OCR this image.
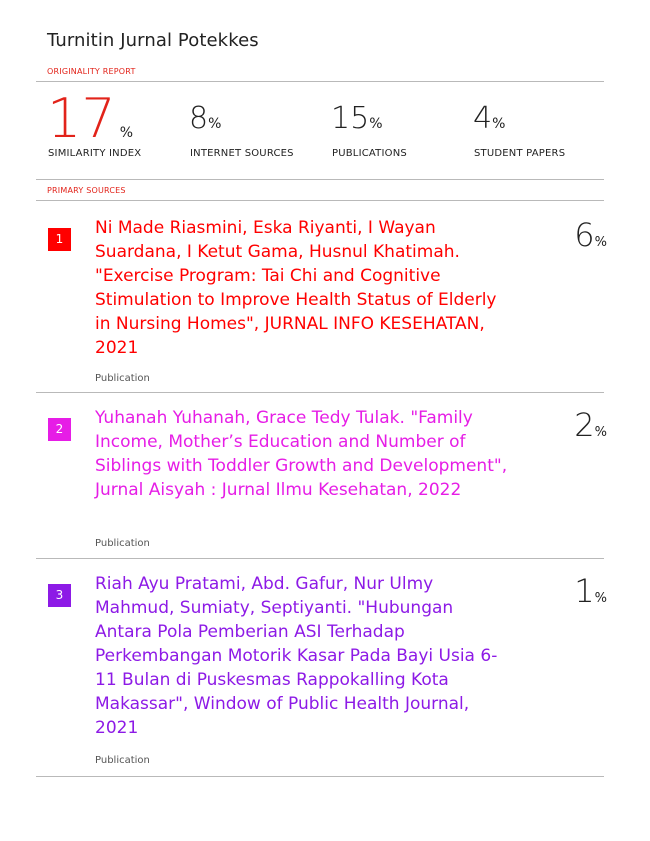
Turnitin Jurnal Potekkes
ORIGINALITY REPORT
17 %
SIMILARITY INDEX
8%
INTERNET SOURCES
15%
PUBLICATIONS
4%
STUDENT PAPERS
PRIMARY SOURCES
1
Ni Made Riasmini, Eska Riyanti, I Wayan Suardana, I Ketut Gama, Husnul Khatimah. "Exercise Program: Tai Chi and Cognitive Stimulation to Improve Health Status of Elderly in Nursing Homes", JURNAL INFO KESEHATAN, 2021
Publication
6%
2
Yuhanah Yuhanah, Grace Tedy Tulak. "Family Income, Mother’s Education and Number of Siblings with Toddler Growth and Development", Jurnal Aisyah : Jurnal Ilmu Kesehatan, 2022
Publication
2%
3
Riah Ayu Pratami, Abd. Gafur, Nur Ulmy Mahmud, Sumiaty, Septiyanti. "Hubungan Antara Pola Pemberian ASI Terhadap Perkembangan Motorik Kasar Pada Bayi Usia 6-11 Bulan di Puskesmas Rappokalling Kota Makassar", Window of Public Health Journal, 2021
Publication
1%
